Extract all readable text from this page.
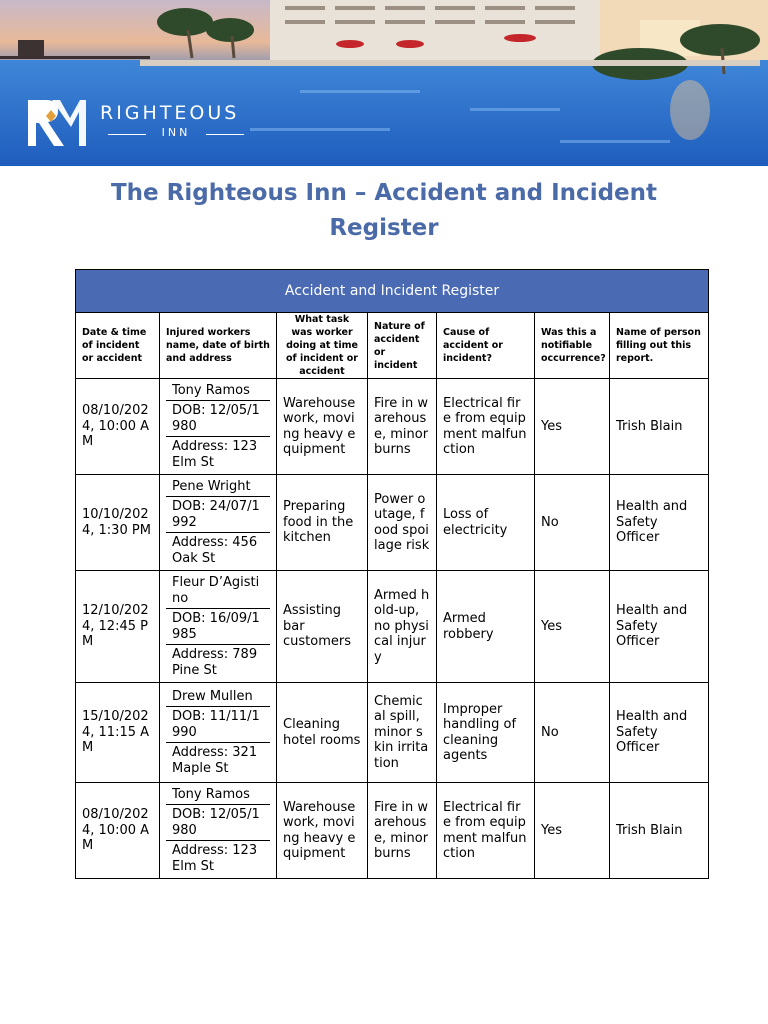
RIGHTEOUS
INN
The Righteous Inn – Accident and Incident Register
Accident and Incident Register						
Date & time of incident or accident	Injured workers name, date of birth and address	What task was worker doing at time of incident or accident	Nature of accident or incident	Cause of accident or incident?	Was this a notifiable occurrence?	Name of person filling out this report.
08/10/2024, 10:00 AM	Tony Ramos
DOB: 12/05/1980
Address: 123 Elm St	Warehouse work, moving heavy equipment	Fire in warehouse, minor burns	Electrical fire from equipment malfunction	Yes	Trish Blain
10/10/2024, 1:30 PM	Pene Wright
DOB: 24/07/1992
Address: 456 Oak St	Preparing food in the kitchen	Power outage, food spoilage risk	Loss of electricity	No	Health and Safety Officer
12/10/2024, 12:45 PM	Fleur D’Agistino
DOB: 16/09/1985
Address: 789 Pine St	Assisting bar customers	Armed hold-up, no physical injury	Armed robbery	Yes	Health and Safety Officer
15/10/2024, 11:15 AM	Drew Mullen
DOB: 11/11/1990
Address: 321 Maple St	Cleaning hotel rooms	Chemical spill, minor skin irritation	Improper handling of cleaning agents	No	Health and Safety Officer
08/10/2024, 10:00 AM	Tony Ramos
DOB: 12/05/1980
Address: 123 Elm St	Warehouse work, moving heavy equipment	Fire in warehouse, minor burns	Electrical fire from equipment malfunction	Yes	Trish Blain
